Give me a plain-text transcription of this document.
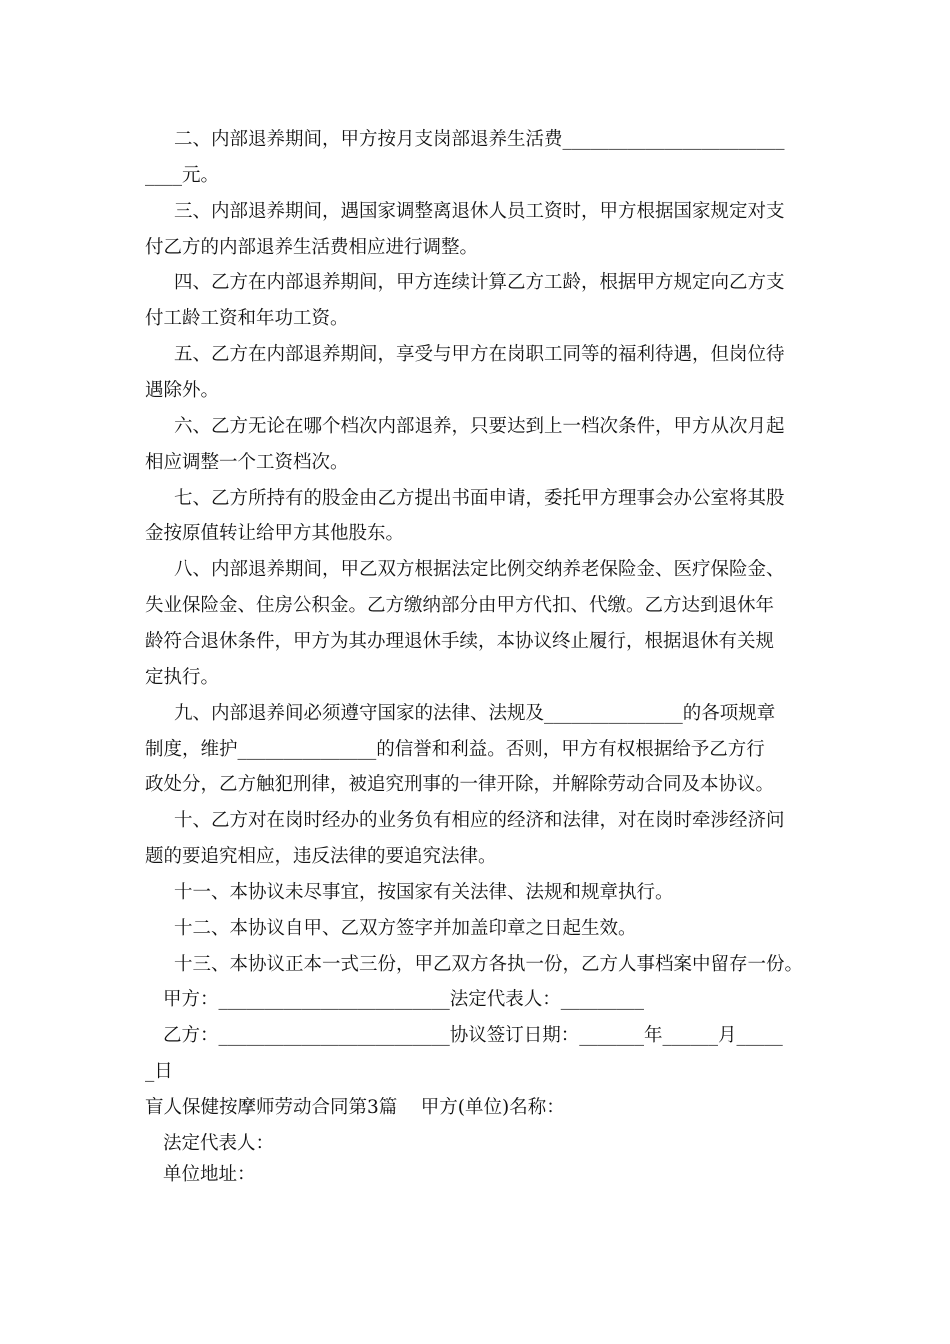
二、内部退养期间，甲方按月支岗部退养生活费________________________
____元。
三、内部退养期间，遇国家调整离退休人员工资时，甲方根据国家规定对支
付乙方的内部退养生活费相应进行调整。
四、乙方在内部退养期间，甲方连续计算乙方工龄，根据甲方规定向乙方支
付工龄工资和年功工资。
五、乙方在内部退养期间，享受与甲方在岗职工同等的福利待遇，但岗位待
遇除外。
六、乙方无论在哪个档次内部退养，只要达到上一档次条件，甲方从次月起
相应调整一个工资档次。
七、乙方所持有的股金由乙方提出书面申请，委托甲方理事会办公室将其股
金按原值转让给甲方其他股东。
八、内部退养期间，甲乙双方根据法定比例交纳养老保险金、医疗保险金、
失业保险金、住房公积金。乙方缴纳部分由甲方代扣、代缴。乙方达到退休年
龄符合退休条件，甲方为其办理退休手续，本协议终止履行，根据退休有关规
定执行。
九、内部退养间必须遵守国家的法律、法规及_______________的各项规章
制度，维护_______________的信誉和利益。否则，甲方有权根据给予乙方行
政处分，乙方触犯刑律，被追究刑事的一律开除，并解除劳动合同及本协议。
十、乙方对在岗时经办的业务负有相应的经济和法律，对在岗时牵涉经济问
题的要追究相应，违反法律的要追究法律。
十一、本协议未尽事宜，按国家有关法律、法规和规章执行。
十二、本协议自甲、乙双方签字并加盖印章之日起生效。
十三、本协议正本一式三份，甲乙双方各执一份，乙方人事档案中留存一份。
甲方：_________________________法定代表人：_________
乙方：_________________________协议签订日期：_______年______月_____
_日
盲人保健按摩师劳动合同第3篇    甲方(单位)名称：
法定代表人：
单位地址：
